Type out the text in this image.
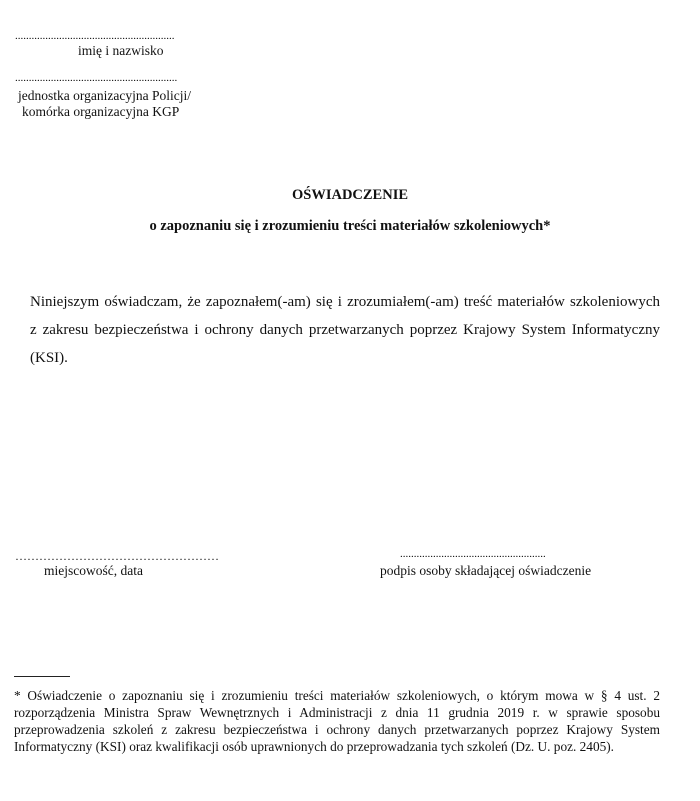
..........................................................
imię i nazwisko
...........................................................
jednostka organizacyjna Policji/
komórka organizacyjna KGP
OŚWIADCZENIE
o zapoznaniu się i zrozumieniu treści materiałów szkoleniowych*
Niniejszym oświadczam, że zapoznałem(-am) się i zrozumiałem(-am) treść materiałów szkoleniowych
z zakresu bezpieczeństwa i ochrony danych przetwarzanych poprzez Krajowy System Informatyczny (KSI).
……………………………………………
miejscowość, data
.....................................................
podpis osoby składającej oświadczenie
* Oświadczenie o zapoznaniu się i zrozumieniu treści materiałów szkoleniowych, o którym mowa w § 4 ust. 2
rozporządzenia Ministra Spraw Wewnętrznych i Administracji z dnia 11 grudnia 2019 r. w sprawie sposobu
przeprowadzenia szkoleń z zakresu bezpieczeństwa i ochrony danych przetwarzanych poprzez Krajowy System
Informatyczny (KSI) oraz kwalifikacji osób uprawnionych do przeprowadzania tych szkoleń (Dz. U. poz. 2405).
